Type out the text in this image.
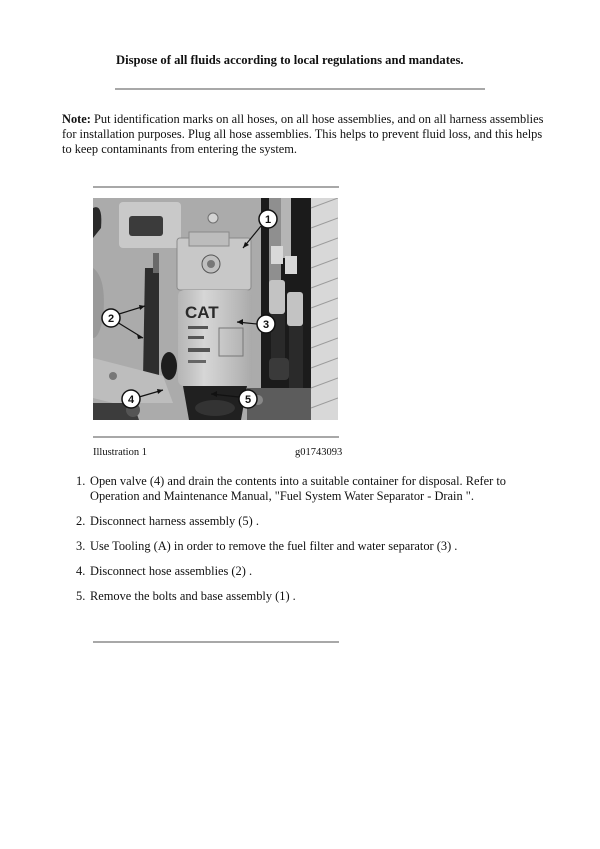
Dispose of all fluids according to local regulations and mandates.
Note: Put identification marks on all hoses, on all hose assemblies, and on all harness assemblies for installation purposes. Plug all hose assemblies. This helps to prevent fluid loss, and this helps to keep contaminants from entering the system.
CAT
1
2	3
4	5
Illustration 1	g01743093
1. Open valve (4) and drain the contents into a suitable container for disposal. Refer to Operation and Maintenance Manual, "Fuel System Water Separator - Drain ".
2. Disconnect harness assembly (5) .
3. Use Tooling (A) in order to remove the fuel filter and water separator (3) .
4. Disconnect hose assemblies (2) .
5. Remove the bolts and base assembly (1) .
